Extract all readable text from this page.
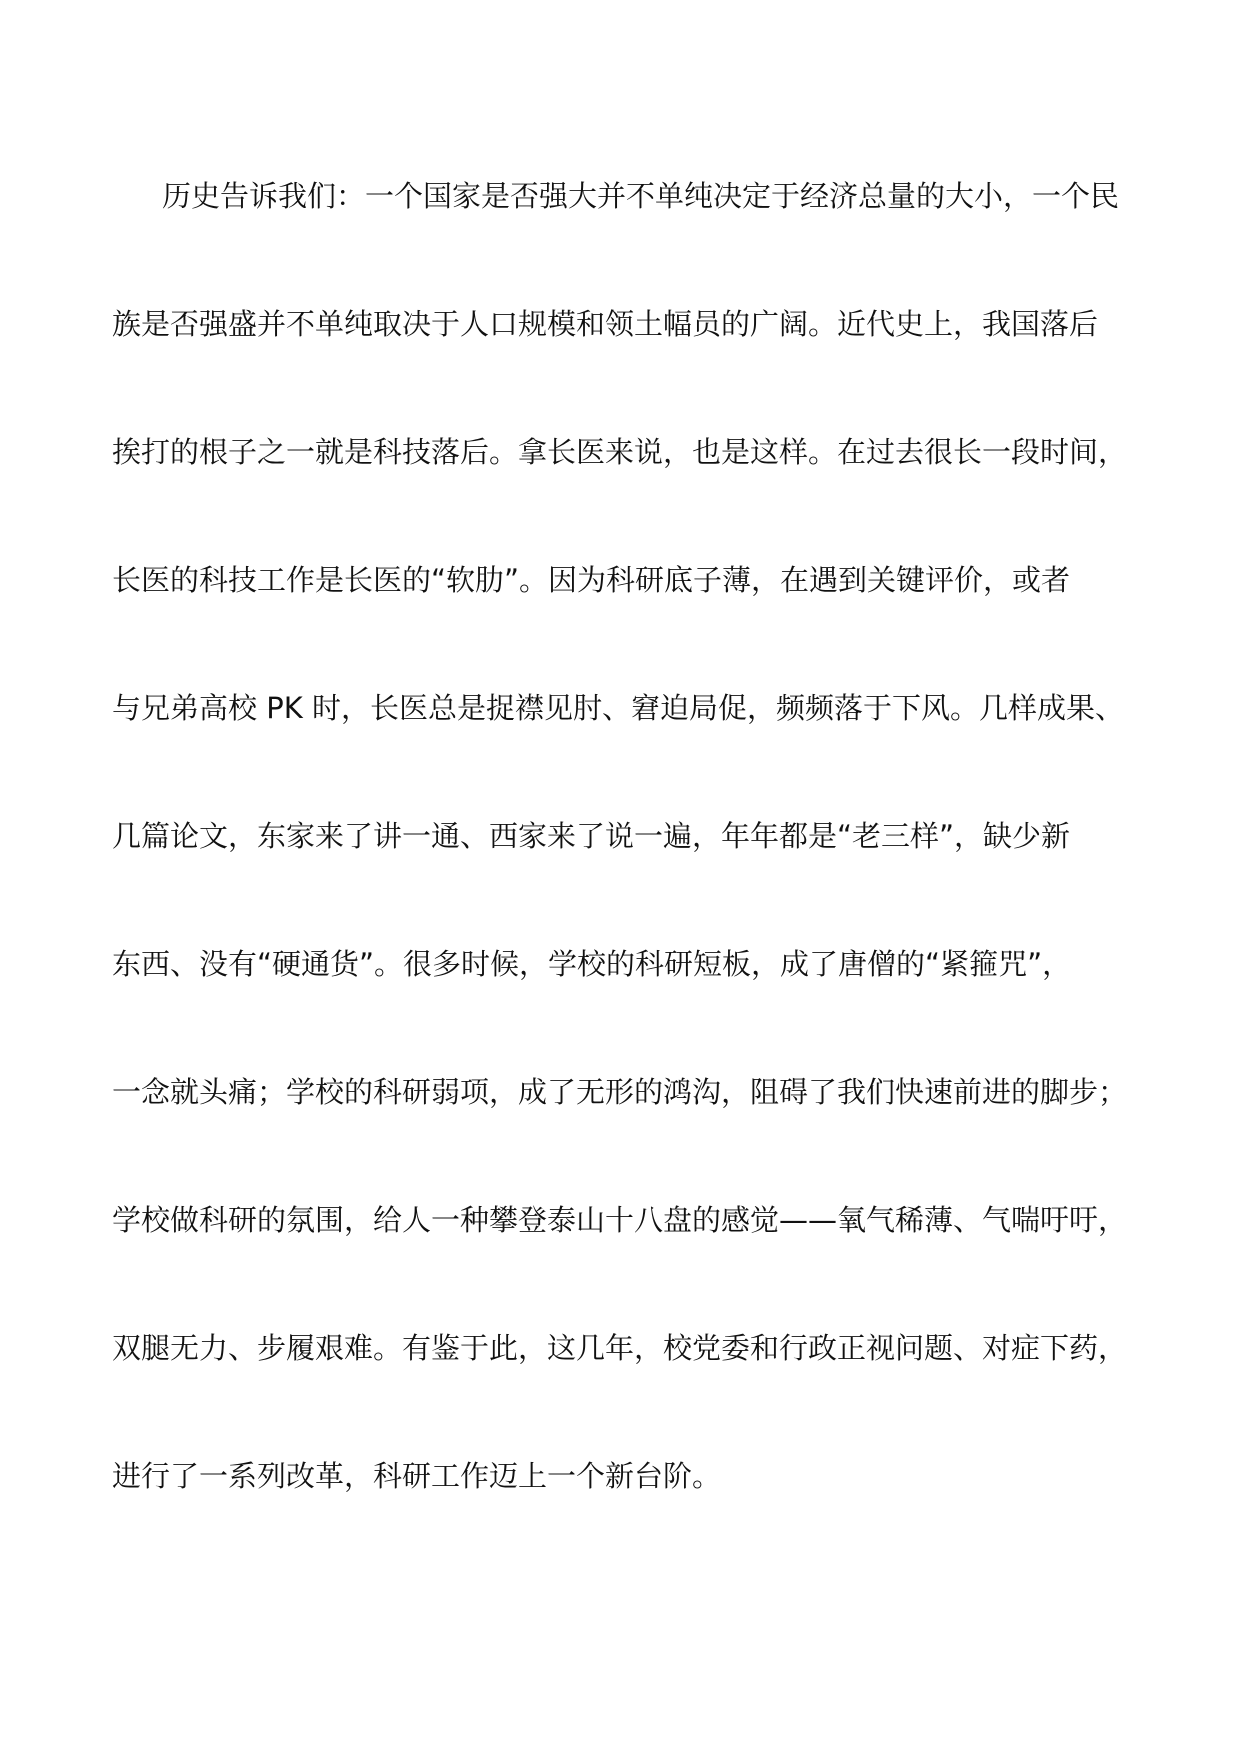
历史告诉我们：一个国家是否强大并不单纯决定于经济总量的大小，一个民
族是否强盛并不单纯取决于人口规模和领土幅员的广阔。近代史上，我国落后
挨打的根子之一就是科技落后。拿长医来说，也是这样。在过去很长一段时间，
长医的科技工作是长医的“软肋”。因为科研底子薄，在遇到关键评价，或者
与兄弟高校 PK 时，长医总是捉襟见肘、窘迫局促，频频落于下风。几样成果、
几篇论文，东家来了讲一通、西家来了说一遍，年年都是“老三样”，缺少新
东西、没有“硬通货”。很多时候，学校的科研短板，成了唐僧的“紧箍咒”，
一念就头痛；学校的科研弱项，成了无形的鸿沟，阻碍了我们快速前进的脚步；
学校做科研的氛围，给人一种攀登泰山十八盘的感觉——氧气稀薄、气喘吁吁，
双腿无力、步履艰难。有鉴于此，这几年，校党委和行政正视问题、对症下药，
进行了一系列改革，科研工作迈上一个新台阶。
